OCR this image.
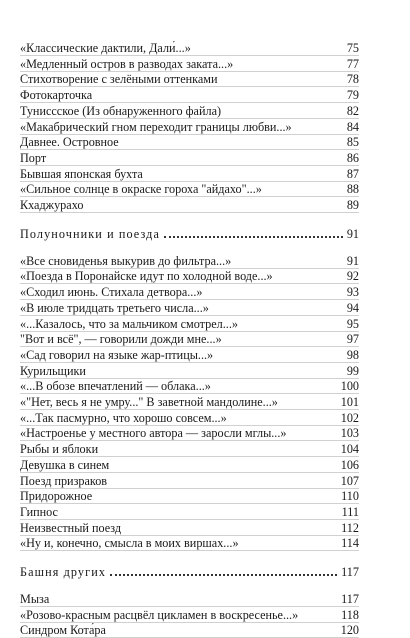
«Классические дактили, Дали́...»	75
«Медленный остров в разводах заката...»	77
Стихотворение с зелёными оттенками	78
Фотокарточка	79
Туниссское (Из обнаруженного файла)	82
«Макабрический гном переходит границы любви...»	84
Давнее. Островное	85
Порт	86
Бывшая японская бухта	87
«Сильное солнце в окраске гороха "айдахо"...»	88
Кхаджурахо	89
Полуночники и поезда	91
«Все сновиденья выкурив до фильтра...»	91
«Поезда в Поронайске идут по холодной воде...»	92
«Сходил июнь. Стихала детвора...»	93
«В июле тридцать третьего числа...»	94
«...Казалось, что за мальчиком смотрел...»	95
"Вот и всё", — говорили дожди мне...»	97
«Сад говорил на языке жар-птицы...»	98
Курильщики	99
«...В обозе впечатлений — облака...»	100
«"Нет, весь я не умру..." В заветной мандолине...»	101
«...Так пасмурно, что хорошо совсем...»	102
«Настроенье у местного автора — заросли мглы...»	103
Рыбы и яблоки	104
Девушка в синем	106
Поезд призраков	107
Придорожное	110
Гипнос	111
Неизвестный поезд	112
«Ну и, конечно, смысла в моих виршах...»	114
Башня других	117
Мыза	117
«Розово-красным расцвёл цикламен в воскресенье...»	118
Синдром Кота́ра	120
